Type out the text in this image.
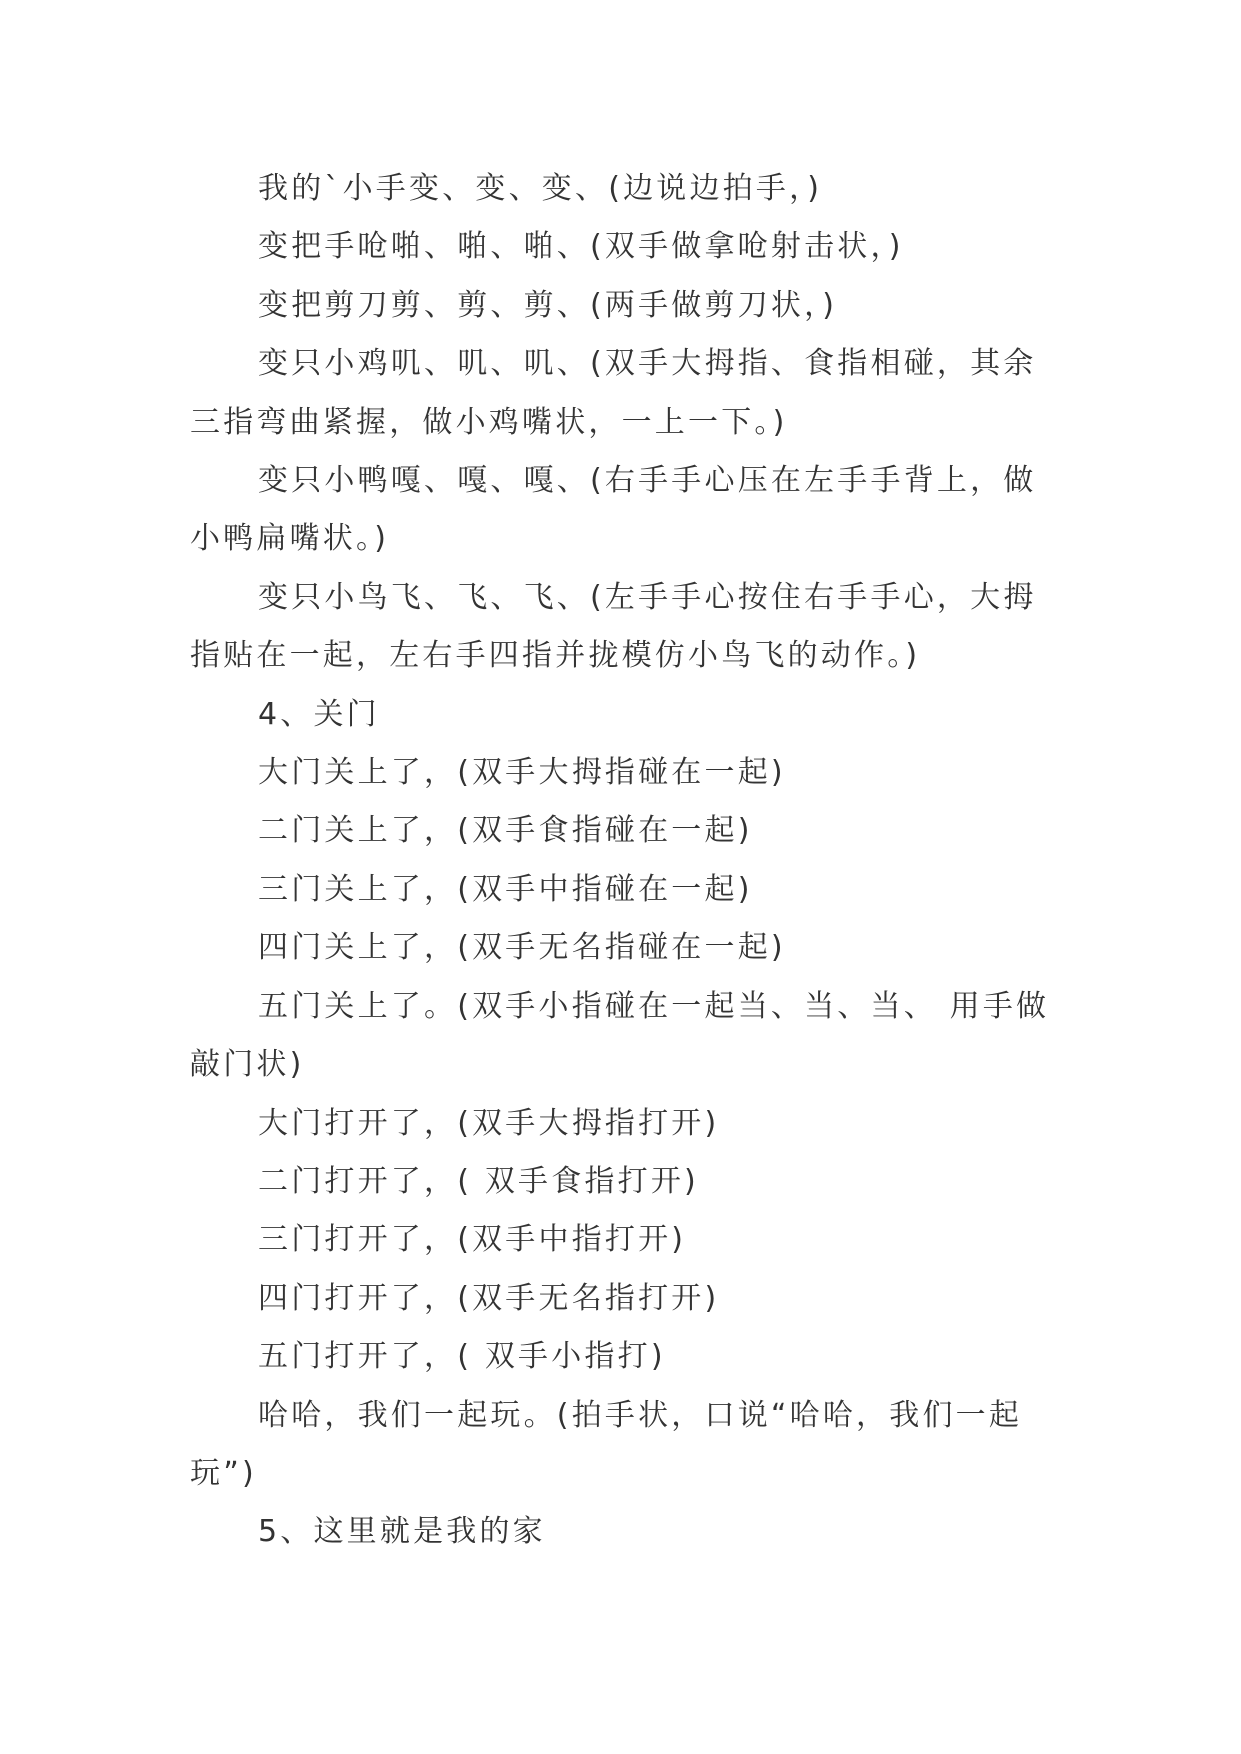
我的`小手变、变、变、(边说边拍手，)

变把手呛啪、啪、啪、(双手做拿呛射击状，)

变把剪刀剪、剪、剪、(两手做剪刀状，)

变只小鸡叽、叽、叽、(双手大拇指、食指相碰，其余三指弯曲紧握，做小鸡嘴状，一上一下。)

变只小鸭嘎、嘎、嘎、(右手手心压在左手手背上，做小鸭扁嘴状。)

变只小鸟飞、飞、飞、(左手手心按住右手手心，大拇指贴在一起，左右手四指并拢模仿小鸟飞的动作。)

4、关门

大门关上了，(双手大拇指碰在一起)

二门关上了，(双手食指碰在一起)

三门关上了，(双手中指碰在一起)

四门关上了，(双手无名指碰在一起)

五门关上了。(双手小指碰在一起当、当、当、 用手做敲门状)

大门打开了，(双手大拇指打开)

二门打开了，( 双手食指打开)

三门打开了，(双手中指打开)

四门打开了，(双手无名指打开)

五门打开了，( 双手小指打)

哈哈，我们一起玩。(拍手状，口说“哈哈，我们一起玩”)

5、这里就是我的家
